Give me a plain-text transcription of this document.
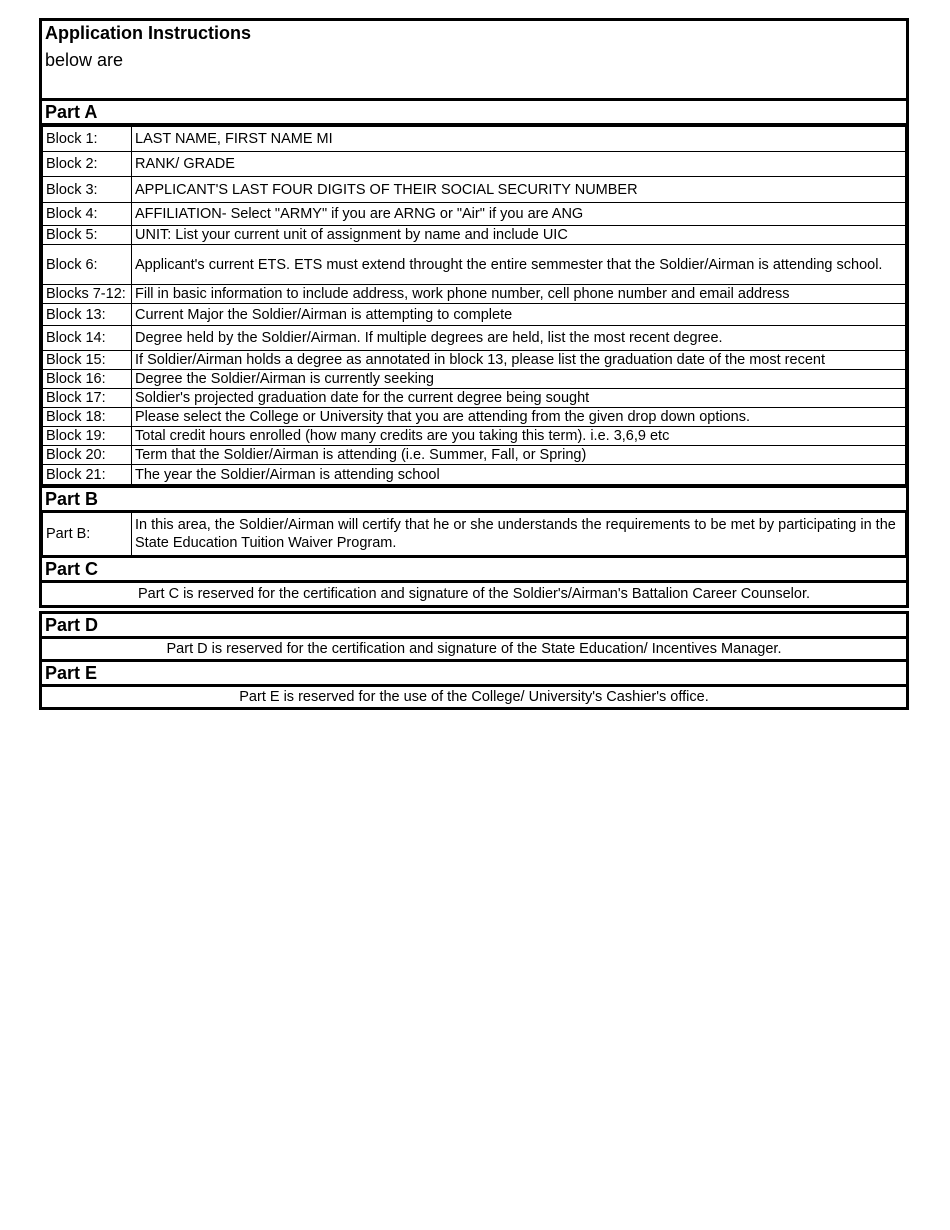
Application Instructions
below are
Part A
Block 1:	LAST NAME, FIRST NAME MI
Block 2:	RANK/ GRADE
Block 3:	APPLICANT'S LAST FOUR DIGITS OF THEIR SOCIAL SECURITY NUMBER
Block 4:	AFFILIATION- Select "ARMY" if you are ARNG or "Air" if you are ANG
Block 5:	UNIT: List your current unit of assignment by name and include UIC
Block 6:	Applicant's current ETS. ETS must extend throught the entire semmester that the Soldier/Airman is attending school.
Blocks 7-12:	Fill in basic information to include address, work phone number, cell phone number and email address
Block 13:	Current Major the Soldier/Airman is attempting to complete
Block 14:	Degree held by the Soldier/Airman. If multiple degrees are held, list the most recent degree.
Block 15:	If Soldier/Airman holds a degree as annotated in block 13, please list the graduation date of the most recent
Block 16:	Degree the Soldier/Airman is currently seeking
Block 17:	Soldier's projected graduation date for the current degree being sought
Block 18:	Please select the College or University that you are attending from the given drop down options.
Block 19:	Total credit hours enrolled (how many credits are you taking this term). i.e. 3,6,9 etc
Block 20:	Term that the Soldier/Airman is attending (i.e. Summer, Fall, or Spring)
Block 21:	The year the Soldier/Airman is attending school
Part B
Part B:	In this area, the Soldier/Airman will certify that he or she understands the requirements to be met by participating in the State Education Tuition Waiver Program.
Part C
Part C is reserved for the certification and signature of the Soldier's/Airman's Battalion Career Counselor.
Part D
Part D is reserved for the certification and signature of the State Education/ Incentives Manager.
Part E
Part E is reserved for the use of the College/ University's Cashier's office.
